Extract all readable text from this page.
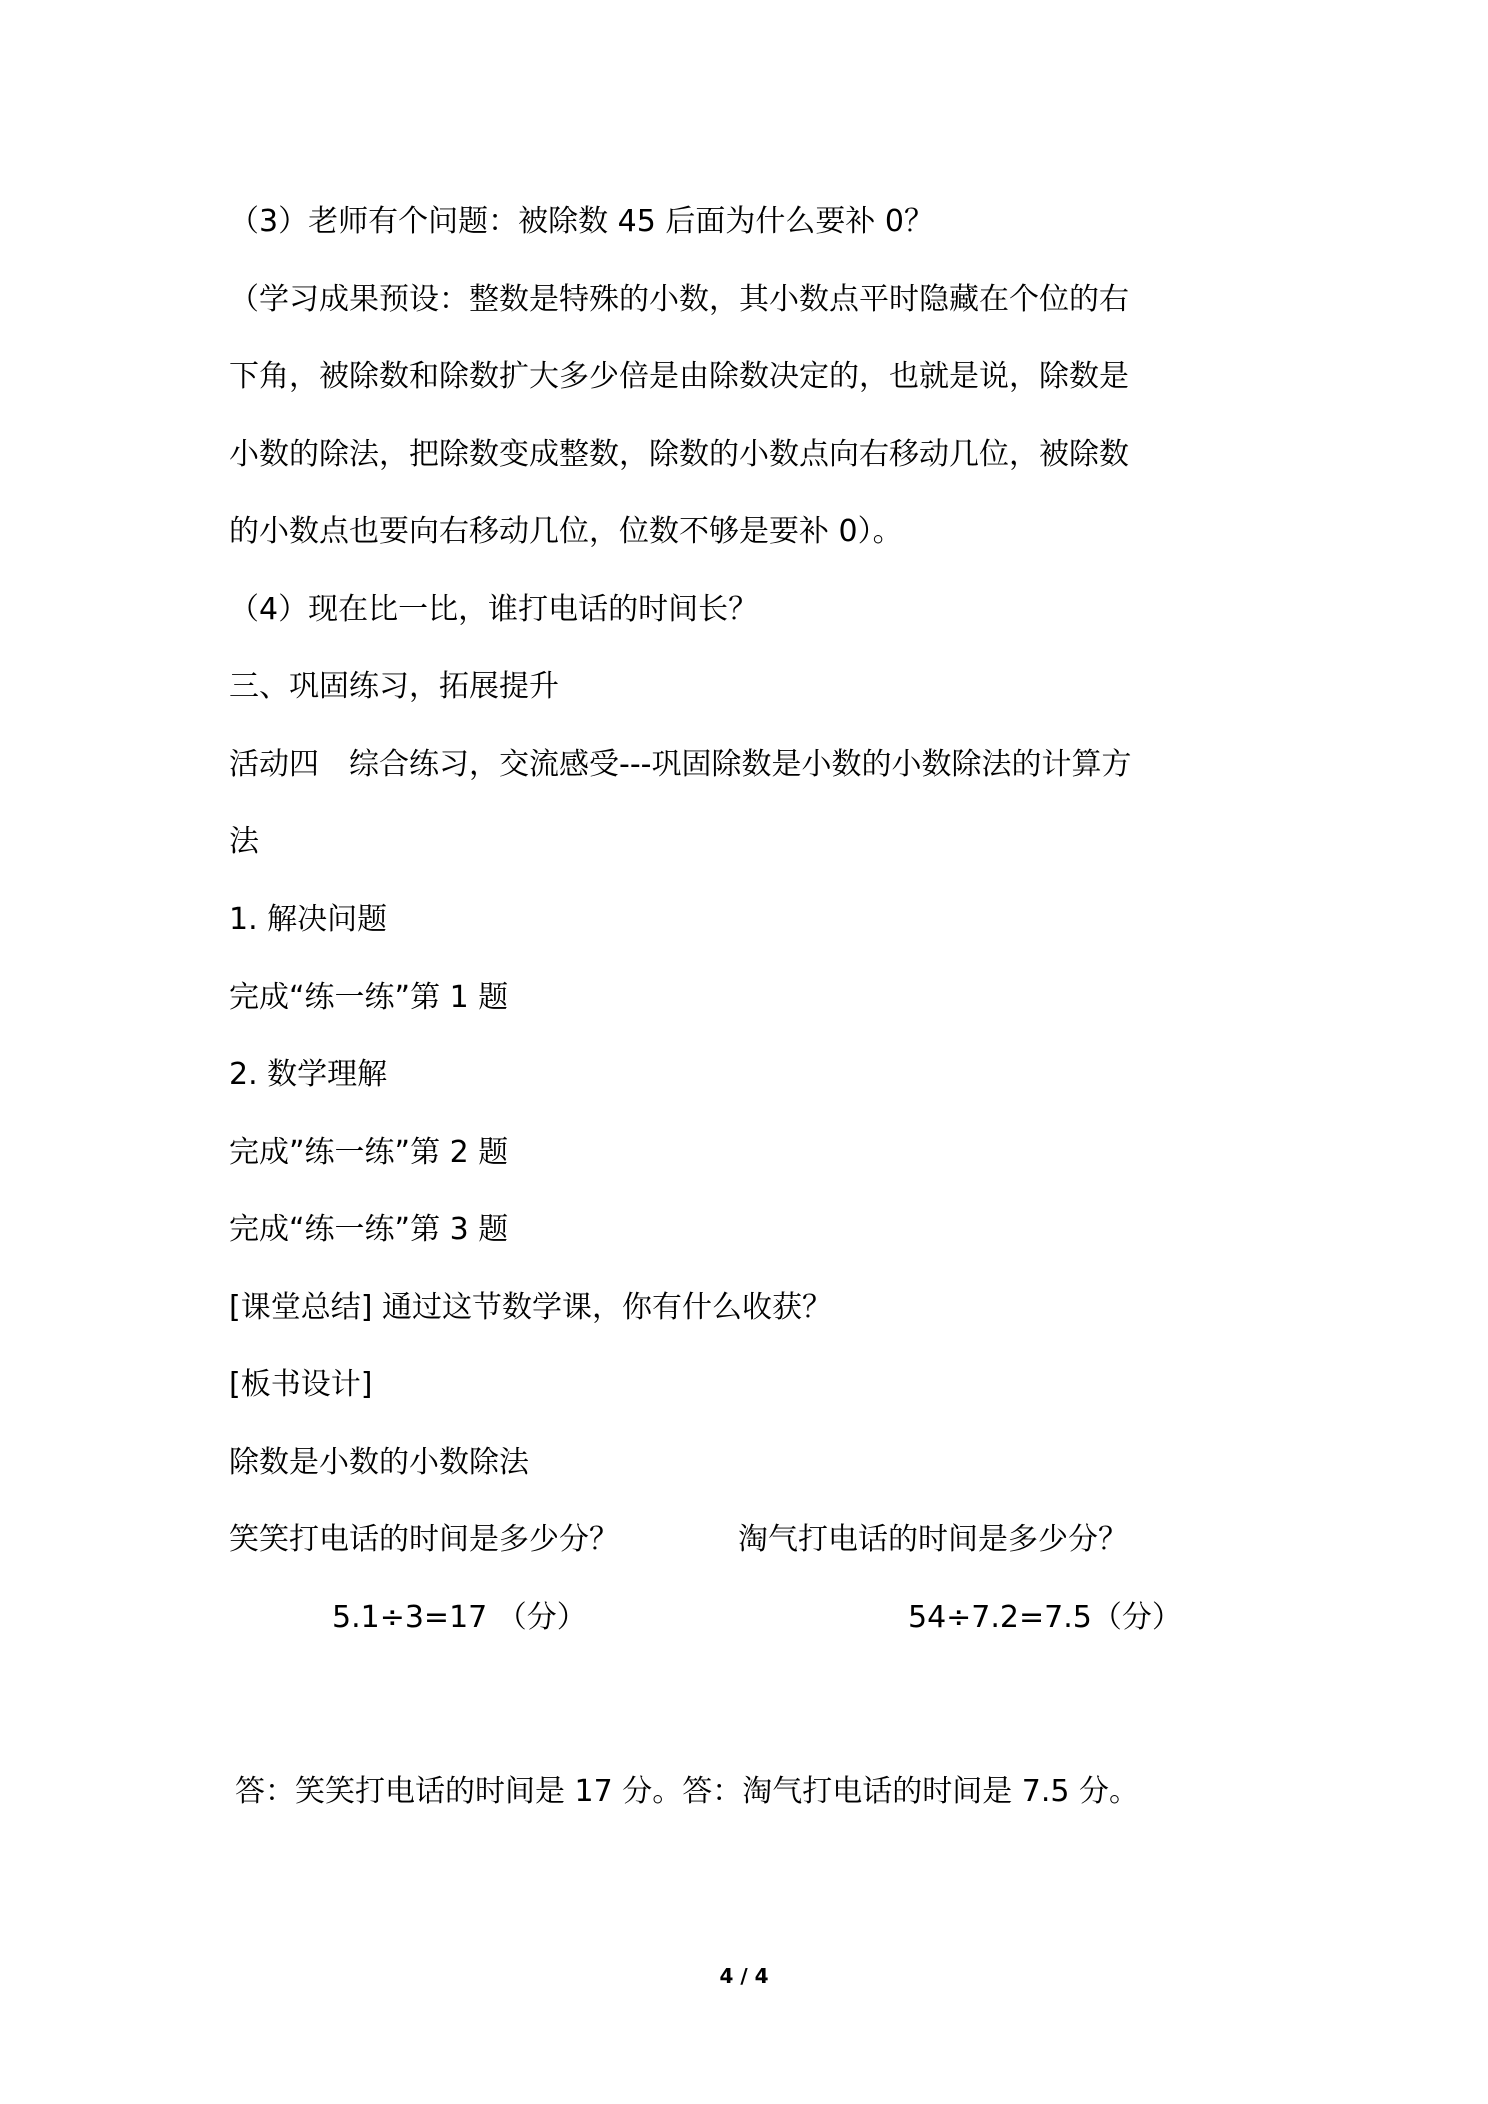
（3）老师有个问题：被除数 45 后面为什么要补 0？
（学习成果预设：整数是特殊的小数，其小数点平时隐藏在个位的右
下角，被除数和除数扩大多少倍是由除数决定的，也就是说，除数是
小数的除法，把除数变成整数，除数的小数点向右移动几位，被除数
的小数点也要向右移动几位，位数不够是要补 0）。
（4）现在比一比，谁打电话的时间长？
三、巩固练习，拓展提升
活动四　综合练习，交流感受---巩固除数是小数的小数除法的计算方
法
1. 解决问题
完成“练一练”第 1 题
2. 数学理解
完成”练一练”第 2 题
完成“练一练”第 3 题
[课堂总结] 通过这节数学课，你有什么收获？
[板书设计]
除数是小数的小数除法
笑笑打电话的时间是多少分？	淘气打电话的时间是多少分？
5.1÷3=17 （分）	54÷7.2=7.5（分）
答：笑笑打电话的时间是 17 分。答：淘气打电话的时间是 7.5 分。
4 / 4
